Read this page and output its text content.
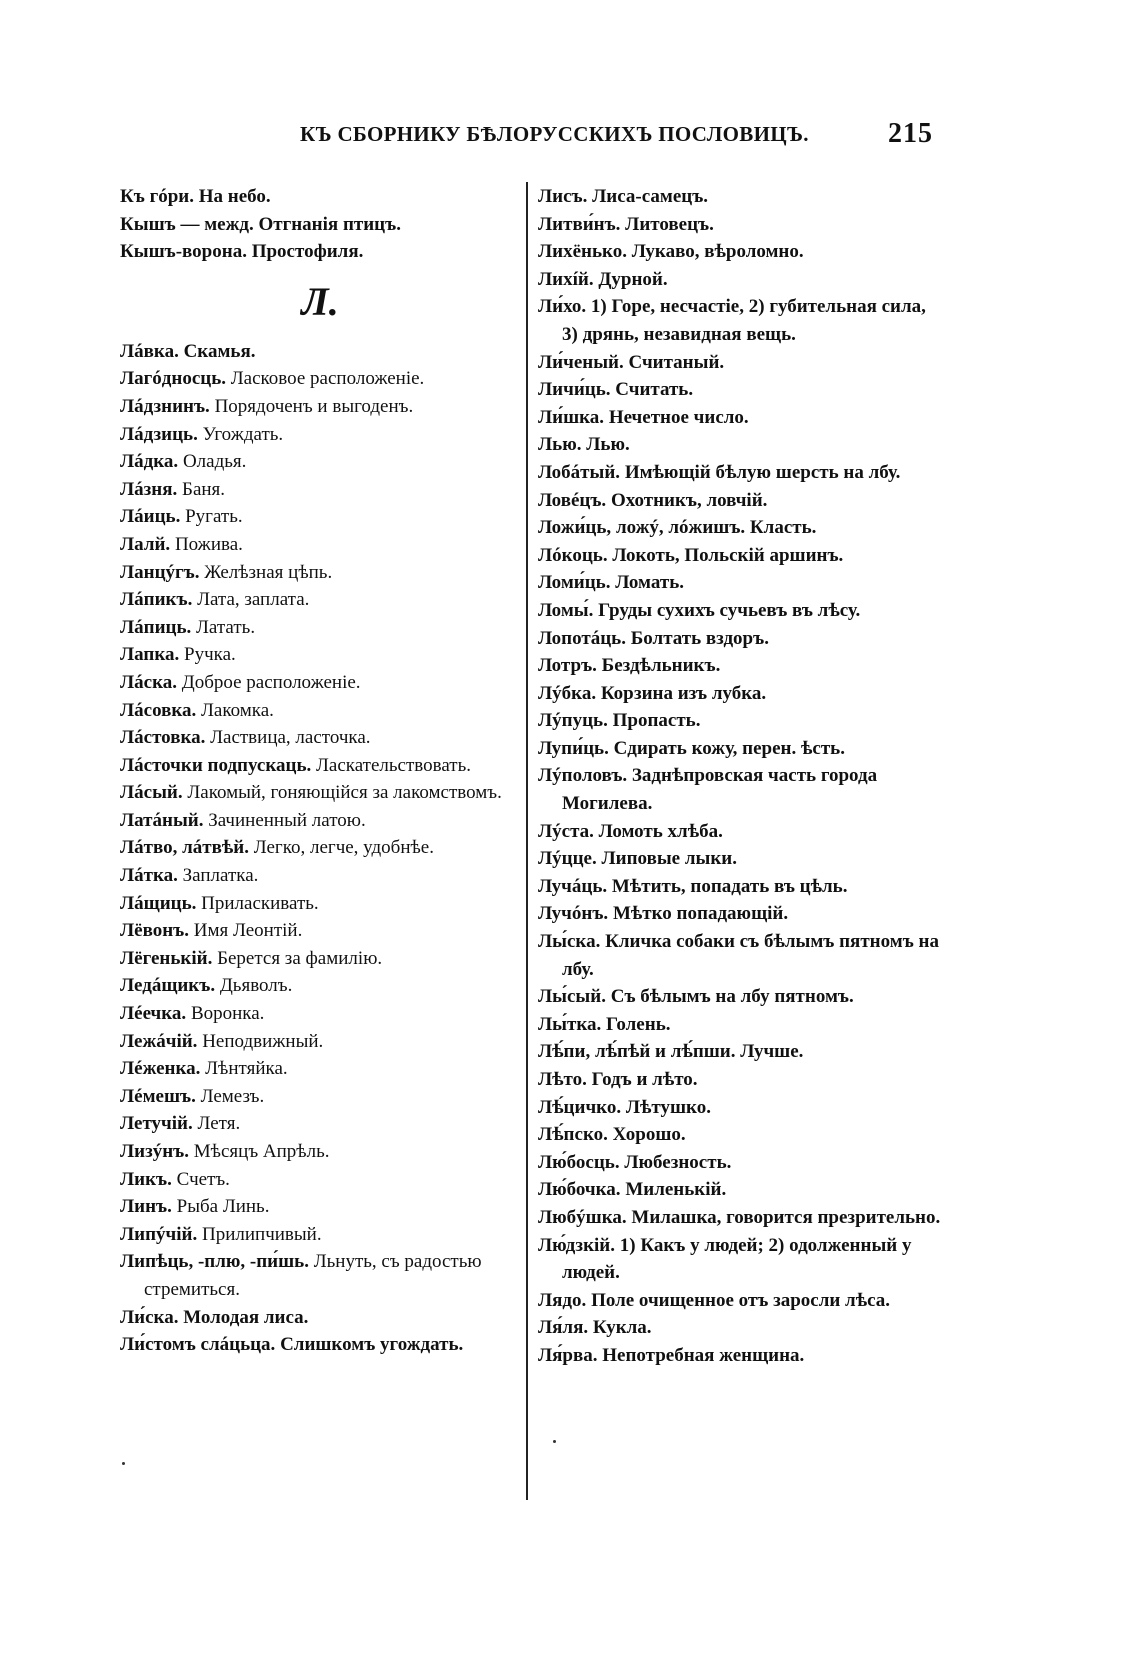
КЪ СБОРНИКУ БѢЛОРУССКИХЪ ПОСЛОВИЦЪ.	215
Къ гóри. На небо.
Кышъ — межд. Отгнанія птицъ.
Кышъ-ворона. Простофиля.
Л.
Лáвка. Скамья.
Лагóдносць. Ласковое расположеніе.
Лáдзнинъ. Порядоченъ и выгоденъ.
Лáдзиць. Угождать.
Лáдка. Оладья.
Лáзня. Баня.
Лáиць. Ругать.
Лалй. Пожива.
Ланцýгъ. Желѣзная цѣпь.
Лáпикъ. Лата, заплата.
Лáпиць. Латать.
Лапка. Ручка.
Лáска. Доброе расположеніе.
Лáсовка. Лакомка.
Лáстовка. Ластвица, ласточка.
Лáсточки подпускаць. Ласкательствовать.
Лáсый. Лакомый, гоняющійся за лакомствомъ.
Латáный. Зачиненный латою.
Лáтво, лáтвѣй. Легко, легче, удобнѣе.
Лáтка. Заплатка.
Лáщиць. Приласкивать.
Лёвонъ. Имя Леонтій.
Лёгенькій. Берется за фамилію.
Ледáщикъ. Дьяволъ.
Лéечка. Воронка.
Лежáчій. Неподвижный.
Лéженка. Лѣнтяйка.
Лéмешъ. Лемезъ.
Летучій. Летя.
Лизýнъ. Мѣсяцъ Апрѣль.
Ликъ. Счетъ.
Линъ. Рыба Линь.
Липýчій. Прилипчивый.
Липѣць, -плю, -пи́шь. Льнуть, съ радостью стремиться.
Ли́ска. Молодая лиса.
Ли́стомъ слáцьца. Слишкомъ угождать.
Лисъ. Лиса-самецъ.
Литви́нъ. Литовецъ.
Лихёнько. Лукаво, вѣроломно.
Лихíй. Дурной.
Ли́хо. 1) Горе, несчастіе, 2) губительная сила, 3) дрянь, незавидная вещь.
Ли́ченый. Считаный.
Личи́ць. Считать.
Ли́шка. Нечетное число.
Лью. Лью.
Лобáтый. Имѣющій бѣлую шерсть на лбу.
Ловéцъ. Охотникъ, ловчій.
Ложи́ць, ложý, лóжишъ. Класть.
Лóкоць. Локоть, Польскій аршинъ.
Ломи́ць. Ломать.
Ломы́. Груды сухихъ сучьевъ въ лѣсу.
Лопотáць. Болтать вздоръ.
Лотръ. Бездѣльникъ.
Лýбка. Корзина изъ лубка.
Лýпуць. Пропасть.
Лупи́ць. Сдирать кожу, перен. ѣсть.
Лýполовъ. Заднѣпровская часть города Могилева.
Лýста. Ломоть хлѣба.
Лýцце. Липовые лыки.
Лучáць. Мѣтить, попадать въ цѣль.
Лучóнъ. Мѣтко попадающій.
Лы́ска. Кличка собаки съ бѣлымъ пятномъ на лбу.
Лы́сый. Съ бѣлымъ на лбу пятномъ.
Лы́тка. Голень.
Лѣ́пи, лѣ́пѣй и лѣ́пши. Лучше.
Лѣто. Годъ и лѣто.
Лѣ́цичко. Лѣтушко.
Лѣ́пско. Хорошо.
Лю́босць. Любезность.
Лю́бочка. Миленькій.
Любýшка. Милашка, говорится презрительно.
Лю́дзкій. 1) Какъ у людей; 2) одолженный у людей.
Лядо. Поле очищенное отъ заросли лѣса.
Ля́ля. Кукла.
Ля́рва. Непотребная женщина.
